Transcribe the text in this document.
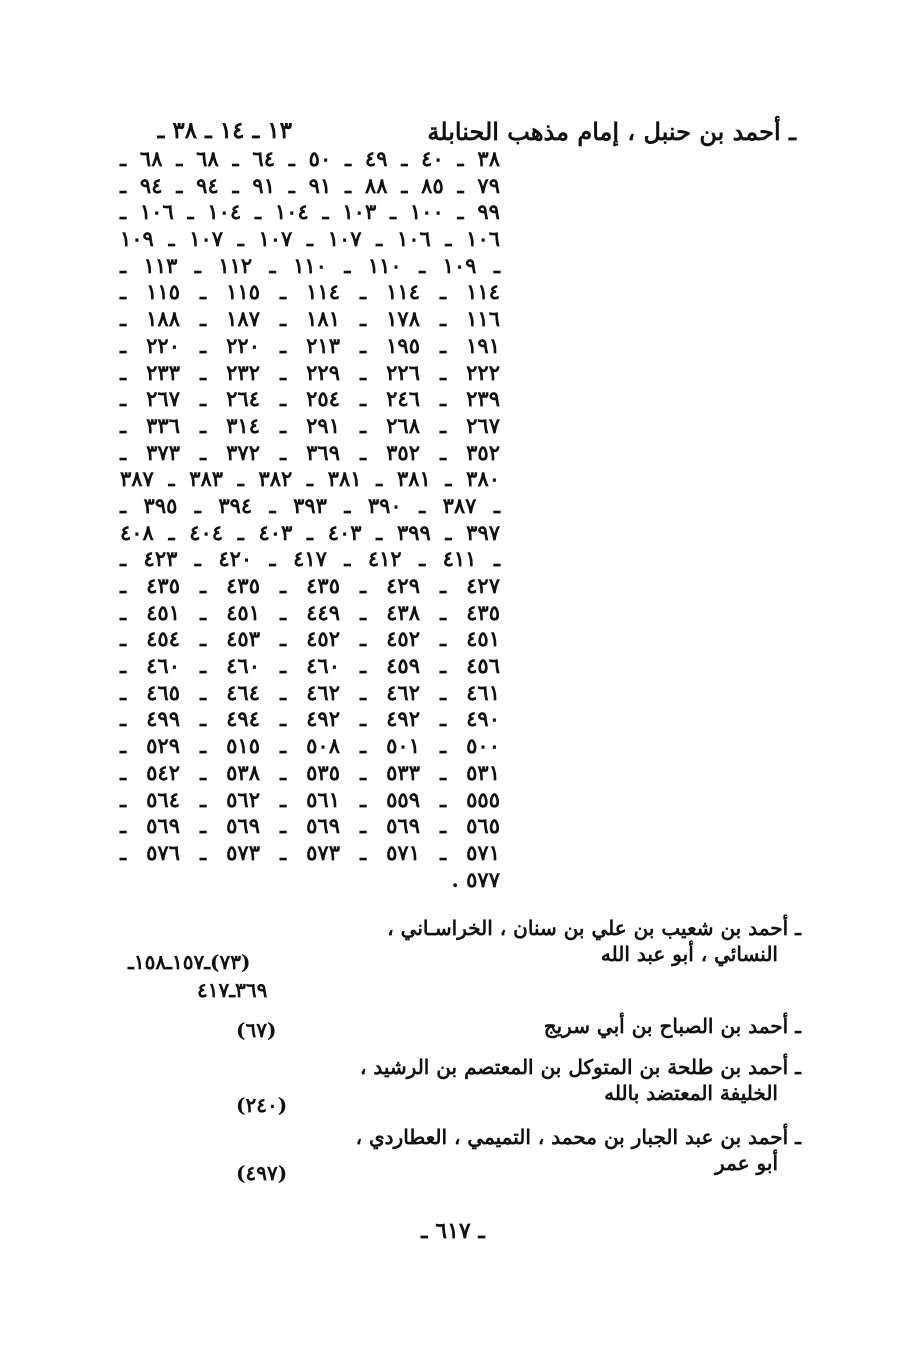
ـ أحمد بن حنبل ، إمام مذهب الحنابلة
١٣ ـ ١٤ ـ ٣٨ ـ
٣٨ ـ ٤٠ ـ ٤٩ ـ ٥٠ ـ ٦٤ ـ ٦٨ ـ ٦٨ ـ
٧٩ ـ ٨٥ ـ ٨٨ ـ ٩١ ـ ٩١ ـ ٩٤ ـ ٩٤ ـ
٩٩ ـ ١٠٠ ـ ١٠٣ ـ ١٠٤ ـ ١٠٤ ـ ١٠٦ ـ
١٠٦ ـ ١٠٦ ـ ١٠٧ ـ ١٠٧ ـ ١٠٧ ـ ١٠٩
ـ ١٠٩ ـ ١١٠ ـ ١١٠ ـ ١١٢ ـ ١١٣ ـ
١١٤ ـ ١١٤ ـ ١١٤ ـ ١١٥ ـ ١١٥ ـ
١١٦ ـ ١٧٨ ـ ١٨١ ـ ١٨٧ ـ ١٨٨ ـ
١٩١ ـ ١٩٥ ـ ٢١٣ ـ ٢٢٠ ـ ٢٢٠ ـ
٢٢٢ ـ ٢٢٦ ـ ٢٢٩ ـ ٢٣٢ ـ ٢٣٣ ـ
٢٣٩ ـ ٢٤٦ ـ ٢٥٤ ـ ٢٦٤ ـ ٢٦٧ ـ
٢٦٧ ـ ٢٦٨ ـ ٢٩١ ـ ٣١٤ ـ ٣٣٦ ـ
٣٥٢ ـ ٣٥٢ ـ ٣٦٩ ـ ٣٧٢ ـ ٣٧٣ ـ
٣٨٠ ـ ٣٨١ ـ ٣٨١ ـ ٣٨٢ ـ ٣٨٣ ـ ٣٨٧
ـ ٣٨٧ ـ ٣٩٠ ـ ٣٩٣ ـ ٣٩٤ ـ ٣٩٥ ـ
٣٩٧ ـ ٣٩٩ ـ ٤٠٣ ـ ٤٠٣ ـ ٤٠٤ ـ ٤٠٨
ـ ٤١١ ـ ٤١٢ ـ ٤١٧ ـ ٤٢٠ ـ ٤٢٣ ـ
٤٢٧ ـ ٤٢٩ ـ ٤٣٥ ـ ٤٣٥ ـ ٤٣٥ ـ
٤٣٥ ـ ٤٣٨ ـ ٤٤٩ ـ ٤٥١ ـ ٤٥١ ـ
٤٥١ ـ ٤٥٢ ـ ٤٥٢ ـ ٤٥٣ ـ ٤٥٤ ـ
٤٥٦ ـ ٤٥٩ ـ ٤٦٠ ـ ٤٦٠ ـ ٤٦٠ ـ
٤٦١ ـ ٤٦٢ ـ ٤٦٢ ـ ٤٦٤ ـ ٤٦٥ ـ
٤٩٠ ـ ٤٩٢ ـ ٤٩٢ ـ ٤٩٤ ـ ٤٩٩ ـ
٥٠٠ ـ ٥٠١ ـ ٥٠٨ ـ ٥١٥ ـ ٥٢٩ ـ
٥٣١ ـ ٥٣٣ ـ ٥٣٥ ـ ٥٣٨ ـ ٥٤٢ ـ
٥٥٥ ـ ٥٥٩ ـ ٥٦١ ـ ٥٦٢ ـ ٥٦٤ ـ
٥٦٥ ـ ٥٦٩ ـ ٥٦٩ ـ ٥٦٩ ـ ٥٦٩ ـ
٥٧١ ـ ٥٧١ ـ ٥٧٣ ـ ٥٧٣ ـ ٥٧٦ ـ
٥٧٧ .
ـ أحمد بن شعيب بن علي بن سنان ، الخراسـاني ،
النسائي ، أبو عبد الله
(٧٣)ـ١٥٧ـ١٥٨ـ
٣٦٩ـ٤١٧
ـ أحمد بن الصباح بن أبي سريج
(٦٧)
ـ أحمد بن طلحة بن المتوكل بن المعتصم بن الرشيد ،
الخليفة المعتضد بالله
(٢٤٠)
ـ أحمد بن عبد الجبار بن محمد ، التميمي ، العطاردي ،
أبو عمر
(٤٩٧)
ـ ٦١٧ ـ
